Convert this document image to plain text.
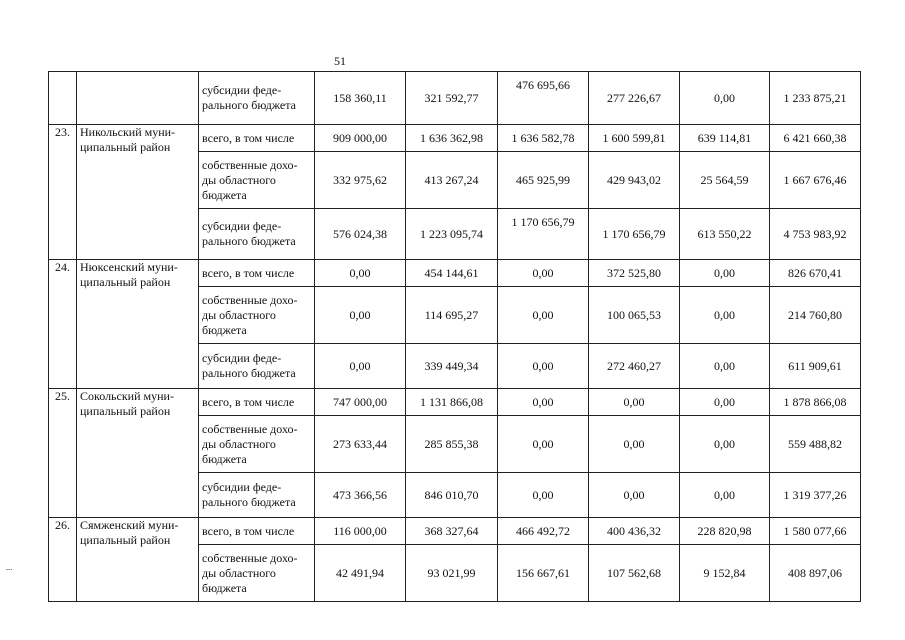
51
		субсидии феде-ральногo бюджета	158 360,11	321 592,77	476 695,66	277 226,67	0,00	1 233 875,21
23.	Никольский муни-ципальный район	всего, в том числе	909 000,00	1 636 362,98	1 636 582,78	1 600 599,81	639 114,81	6 421 660,38
		собственные дохо-ды областного бюджета	332 975,62	413 267,24	465 925,99	429 943,02	25 564,59	1 667 676,46
		субсидии феде-рального бюджета	576 024,38	1 223 095,74	1 170 656,79	1 170 656,79	613 550,22	4 753 983,92
24.	Нюксенский муни-ципальный район	всего, в том числе	0,00	454 144,61	0,00	372 525,80	0,00	826 670,41
		собственные дохо-ды областного бюджета	0,00	114 695,27	0,00	100 065,53	0,00	214 760,80
		субсидии феде-рального бюджета	0,00	339 449,34	0,00	272 460,27	0,00	611 909,61
25.	Сокольский муни-ципальный район	всего, в том числе	747 000,00	1 131 866,08	0,00	0,00	0,00	1 878 866,08
		собственные дохо-ды областного бюджета	273 633,44	285 855,38	0,00	0,00	0,00	559 488,82
		субсидии феде-рального бюджета	473 366,56	846 010,70	0,00	0,00	0,00	1 319 377,26
26.	Сямженский муни-ципальный район	всего, в том числе	116 000,00	368 327,64	466 492,72	400 436,32	228 820,98	1 580 077,66
		собственные дохо-ды областного бюджета	42 491,94	93 021,99	156 667,61	107 562,68	9 152,84	408 897,06
⁝
